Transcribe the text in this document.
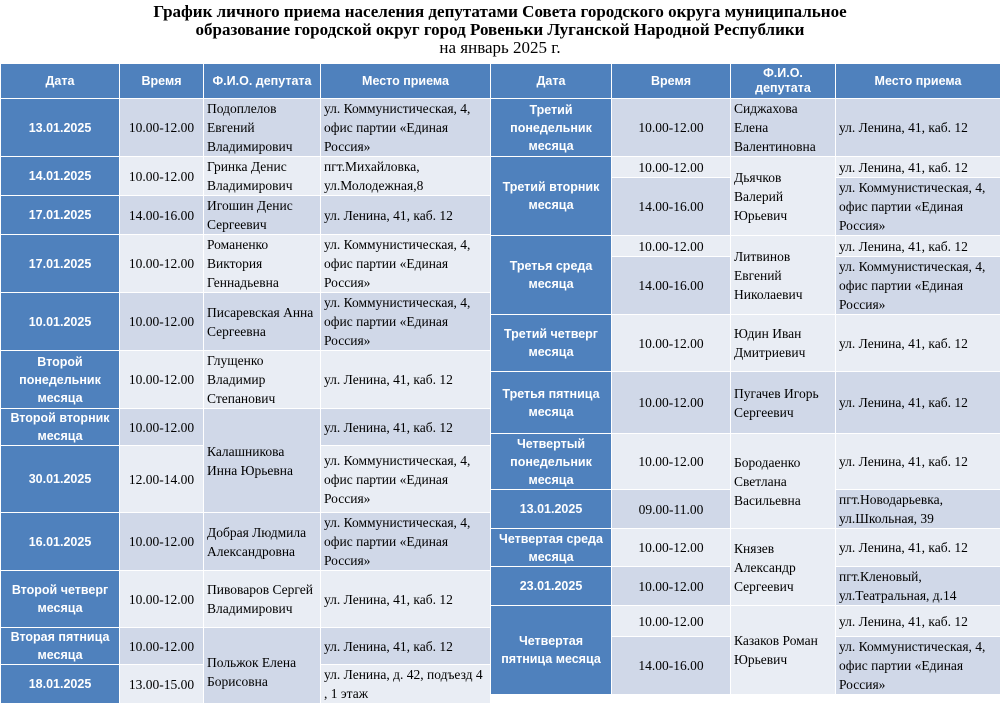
График личного приема населения депутатами Совета городского округа муниципальное
образование городской округ город Ровеньки Луганской Народной Республики
на январь 2025 г.
Дата	Время	Ф.И.О. депутата	Место приема
13.01.2025	10.00-12.00	Подоплелов Евгений Владимирович	ул. Коммунистическая, 4, офис партии «Единая Россия»
14.01.2025	10.00-12.00	Гринка Денис Владимирович	пгт.Михайловка, ул.Молодежная,8
17.01.2025	14.00-16.00	Игошин Денис Сергеевич	ул. Ленина, 41, каб. 12
17.01.2025	10.00-12.00	Романенко Виктория Геннадьевна	ул. Коммунистическая, 4, офис партии «Единая Россия»
10.01.2025	10.00-12.00	Писаревская Анна Сергеевна	ул. Коммунистическая, 4, офис партии «Единая Россия»
Второй понедельник месяца	10.00-12.00	Глущенко Владимир Степанович	ул. Ленина, 41, каб. 12
Второй вторник месяца	10.00-12.00	Калашникова Инна Юрьевна	ул. Ленина, 41, каб. 12
30.01.2025	12.00-14.00		ул. Коммунистическая, 4, офис партии «Единая Россия»
16.01.2025	10.00-12.00	Добрая Людмила Александровна	ул. Коммунистическая, 4, офис партии «Единая Россия»
Второй четверг месяца	10.00-12.00	Пивоваров Сергей Владимирович	ул. Ленина, 41, каб. 12
Вторая пятница месяца	10.00-12.00	Польжок Елена Борисовна	ул. Ленина, 41, каб. 12
18.01.2025	13.00-15.00		ул. Ленина, д. 42, подъезд 4 , 1 этаж
Дата	Время	Ф.И.О. депутата	Место приема
Третий понедельник месяца	10.00-12.00	Сиджахова Елена Валентиновна	ул. Ленина, 41, каб. 12
Третий вторник месяца	10.00-12.00	Дьячков Валерий Юрьевич	ул. Ленина, 41, каб. 12
	14.00-16.00		ул. Коммунистическая, 4, офис партии «Единая Россия»
Третья среда месяца	10.00-12.00	Литвинов Евгений Николаевич	ул. Ленина, 41, каб. 12
	14.00-16.00		ул. Коммунистическая, 4, офис партии «Единая Россия»
Третий четверг месяца	10.00-12.00	Юдин Иван Дмитриевич	ул. Ленина, 41, каб. 12
Третья пятница месяца	10.00-12.00	Пугачев Игорь Сергеевич	ул. Ленина, 41, каб. 12
Четвертый понедельник месяца	10.00-12.00	Бородаенко Светлана Васильевна	ул. Ленина, 41, каб. 12
13.01.2025	09.00-11.00		пгт.Новодарьевка, ул.Школьная, 39
Четвертая среда месяца	10.00-12.00	Князев Александр Сергеевич	ул. Ленина, 41, каб. 12
23.01.2025	10.00-12.00		пгт.Кленовый, ул.Театральная, д.14
Четвертая пятница месяца	10.00-12.00	Казаков Роман Юрьевич	ул. Ленина, 41, каб. 12
	14.00-16.00		ул. Коммунистическая, 4, офис партии «Единая Россия»
